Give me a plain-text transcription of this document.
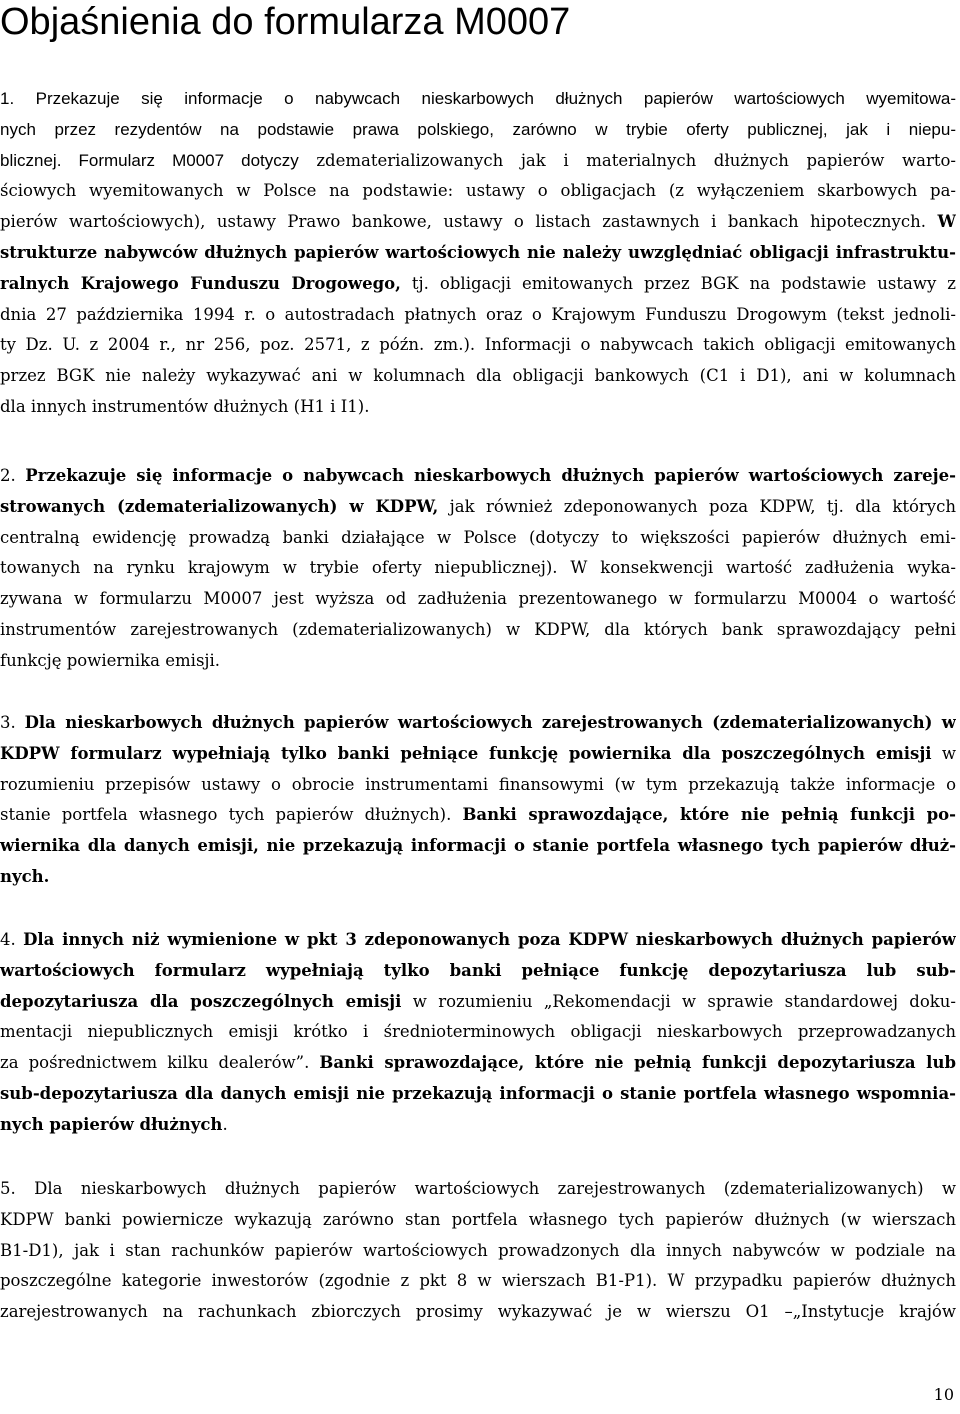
Objaśnienia do formularza M0007
1. Przekazuje się informacje o nabywcach nieskarbowych dłużnych papierów wartościowych wyemitowa-
nych przez rezydentów na podstawie prawa polskiego, zarówno w trybie oferty publicznej, jak i niepu-
blicznej. Formularz M0007 dotyczy zdematerializowanych jak i materialnych dłużnych papierów warto-
ściowych wyemitowanych w Polsce na podstawie: ustawy o obligacjach (z wyłączeniem skarbowych pa-
pierów wartościowych), ustawy Prawo bankowe, ustawy o listach zastawnych i bankach hipotecznych. W
strukturze nabywców dłużnych papierów wartościowych nie należy uwzględniać obligacji infrastruktu-
ralnych Krajowego Funduszu Drogowego, tj. obligacji emitowanych przez BGK na podstawie ustawy z
dnia 27 października 1994 r. o autostradach płatnych oraz o Krajowym Funduszu Drogowym (tekst jednoli-
ty Dz. U. z 2004 r., nr 256, poz. 2571, z późn. zm.). Informacji o nabywcach takich obligacji emitowanych
przez BGK nie należy wykazywać ani w kolumnach dla obligacji bankowych (C1 i D1), ani w kolumnach
dla innych instrumentów dłużnych (H1 i I1).
2. Przekazuje się informacje o nabywcach nieskarbowych dłużnych papierów wartościowych zareje-
strowanych (zdematerializowanych) w KDPW, jak również zdeponowanych poza KDPW, tj. dla których
centralną ewidencję prowadzą banki działające w Polsce (dotyczy to większości papierów dłużnych emi-
towanych na rynku krajowym w trybie oferty niepublicznej). W konsekwencji wartość zadłużenia wyka-
zywana w formularzu M0007 jest wyższa od zadłużenia prezentowanego w formularzu M0004 o wartość
instrumentów zarejestrowanych (zdematerializowanych) w KDPW, dla których bank sprawozdający pełni
funkcję powiernika emisji.
3. Dla nieskarbowych dłużnych papierów wartościowych zarejestrowanych (zdematerializowanych) w
KDPW formularz wypełniają tylko banki pełniące funkcję powiernika dla poszczególnych emisji w
rozumieniu przepisów ustawy o obrocie instrumentami finansowymi (w tym przekazują także informacje o
stanie portfela własnego tych papierów dłużnych). Banki sprawozdające, które nie pełnią funkcji po-
wiernika dla danych emisji, nie przekazują informacji o stanie portfela własnego tych papierów dłuż-
nych.
4. Dla innych niż wymienione w pkt 3 zdeponowanych poza KDPW nieskarbowych dłużnych papierów
wartościowych formularz wypełniają tylko banki pełniące funkcję depozytariusza lub sub-
depozytariusza dla poszczególnych emisji w rozumieniu „Rekomendacji w sprawie standardowej doku-
mentacji niepublicznych emisji krótko i średnioterminowych obligacji nieskarbowych przeprowadzanych
za pośrednictwem kilku dealerów”. Banki sprawozdające, które nie pełnią funkcji depozytariusza lub
sub-depozytariusza dla danych emisji nie przekazują informacji o stanie portfela własnego wspomnia-
nych papierów dłużnych.
5. Dla nieskarbowych dłużnych papierów wartościowych zarejestrowanych (zdematerializowanych) w
KDPW banki powiernicze wykazują zarówno stan portfela własnego tych papierów dłużnych (w wierszach
B1-D1), jak i stan rachunków papierów wartościowych prowadzonych dla innych nabywców w podziale na
poszczególne kategorie inwestorów (zgodnie z pkt 8 w wierszach B1-P1). W przypadku papierów dłużnych
zarejestrowanych na rachunkach zbiorczych prosimy wykazywać je w wierszu O1 –„Instytucje krajów
10
